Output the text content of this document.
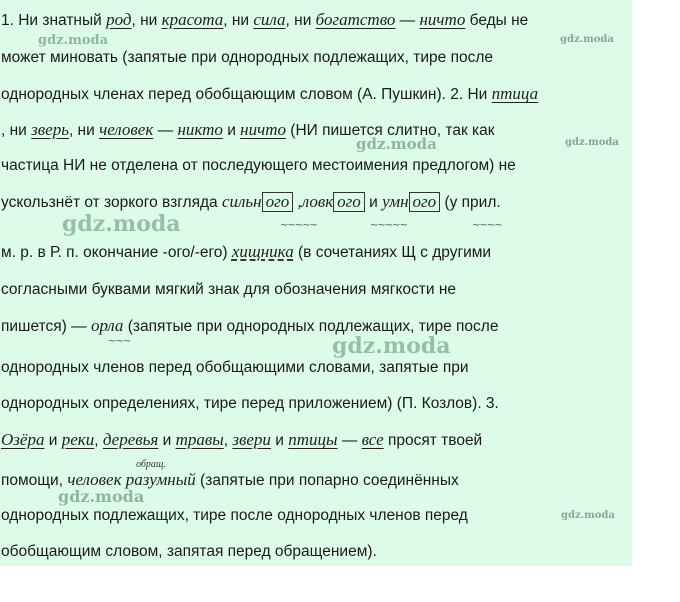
1. Ни знатный род, ни красота, ни сила, ни богатство — ничто беды не
может миновать (запятые при однородных подлежащих, тире после
однородных членах перед обобщающим словом (А. Пушкин). 2. Ни птица
, ни зверь, ни человек — никто и ничто (НИ пишется слитно, так как
частица НИ не отделена от последующего местоимения предлогом) не
ускользнёт от зоркого взгляда сильн ого ,ловк ого и умн ого (у прил.
м. р. в Р. п. окончание -ого/-его) хищника (в сочетаниях Щ с другими
согласными буквами мягкий знак для обозначения мягкости не
пишется) — орла (запятые при однородных подлежащих, тире после
однородных членов перед обобщающими словами, запятые при
однородных определениях, тире перед приложением) (П. Козлов). 3.
Озёра и реки, деревья и травы, звери и птицы — все просят твоей
помощи, человек разумный (запятые при попарно соединённых
однородных подлежащих, тире после однородных членов перед
обобщающим словом, запятая перед обращением).
~~~~~	~~~~~	~~~~
~~~
обращ.
gdz.moda	gdz.moda
gdz.moda	gdz.moda
gdz.moda
gdz.moda
gdz.moda
gdz.moda
